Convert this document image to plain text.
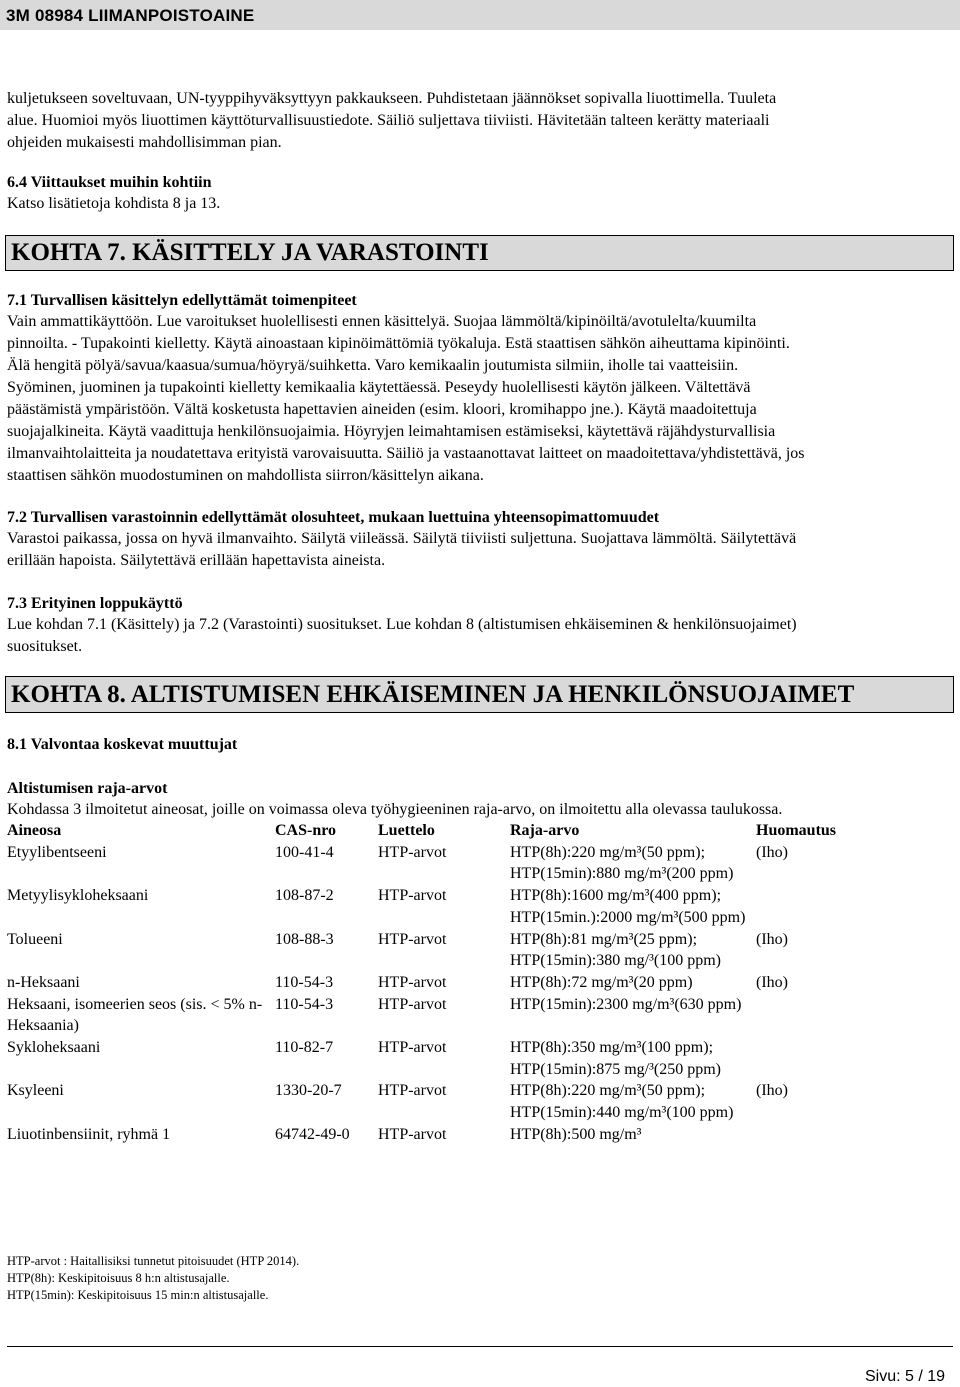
3M 08984 LIIMANPOISTOAINE

kuljetukseen soveltuvaan, UN-tyyppihyväksyttyyn pakkaukseen. Puhdistetaan jäännökset sopivalla liuottimella. Tuuleta

alue. Huomioi myös liuottimen käyttöturvallisuustiedote. Säiliö suljettava tiiviisti. Hävitetään talteen kerätty materiaali

ohjeiden mukaisesti mahdollisimman pian.

6.4 Viittaukset muihin kohtiin

Katso lisätietoja kohdista 8 ja 13.

KOHTA 7. KÄSITTELY JA VARASTOINTI

7.1 Turvallisen käsittelyn edellyttämät toimenpiteet

Vain ammattikäyttöön. Lue varoitukset huolellisesti ennen käsittelyä. Suojaa lämmöltä/kipinöiltä/avotulelta/kuumilta

pinnoilta. - Tupakointi kielletty. Käytä ainoastaan kipinöimättömiä työkaluja. Estä staattisen sähkön aiheuttama kipinöinti.

Älä hengitä pölyä/savua/kaasua/sumua/höyryä/suihketta. Varo kemikaalin joutumista silmiin, iholle tai vaatteisiin.

Syöminen, juominen ja tupakointi kielletty kemikaalia käytettäessä. Peseydy huolellisesti käytön jälkeen. Vältettävä

päästämistä ympäristöön. Vältä kosketusta hapettavien aineiden (esim. kloori, kromihappo jne.). Käytä maadoitettuja

suojajalkineita. Käytä vaadittuja henkilönsuojaimia. Höyryjen leimahtamisen estämiseksi, käytettävä räjähdysturvallisia

ilmanvaihtolaitteita ja noudatettava erityistä varovaisuutta. Säiliö ja vastaanottavat laitteet on maadoitettava/yhdistettävä, jos

staattisen sähkön muodostuminen on mahdollista siirron/käsittelyn aikana.

7.2 Turvallisen varastoinnin edellyttämät olosuhteet, mukaan luettuina yhteensopimattomuudet

Varastoi paikassa, jossa on hyvä ilmanvaihto. Säilytä viileässä. Säilytä tiiviisti suljettuna. Suojattava lämmöltä. Säilytettävä

erillään hapoista. Säilytettävä erillään hapettavista aineista.

7.3 Erityinen loppukäyttö

Lue kohdan 7.1 (Käsittely) ja 7.2 (Varastointi) suositukset. Lue kohdan 8 (altistumisen ehkäiseminen & henkilönsuojaimet)

suositukset.

KOHTA 8. ALTISTUMISEN EHKÄISEMINEN JA HENKILÖNSUOJAIMET

8.1 Valvontaa koskevat muuttujat

Altistumisen raja-arvot

Kohdassa 3 ilmoitetut aineosat, joille on voimassa oleva työhygieeninen raja-arvo, on ilmoitettu alla olevassa taulukossa.

Aineosa	CAS-nro	Luettelo	Raja-arvo	Huomautus
Etyylibentseeni	100-41-4	HTP-arvot	HTP(8h):220 mg/m³(50 ppm); HTP(15min):880 mg/m³(200 ppm)	(Iho)
Metyylisykloheksaani	108-87-2	HTP-arvot	HTP(8h):1600 mg/m³(400 ppm); HTP(15min.):2000 mg/m³(500 ppm)	
Tolueeni	108-88-3	HTP-arvot	HTP(8h):81 mg/m³(25 ppm); HTP(15min):380 mg/³(100 ppm)	(Iho)
n-Heksaani	110-54-3	HTP-arvot	HTP(8h):72 mg/m³(20 ppm)	(Iho)
Heksaani, isomeerien seos (sis. < 5% n-Heksaania)	110-54-3	HTP-arvot	HTP(15min):2300 mg/m³(630 ppm)	
Sykloheksaani	110-82-7	HTP-arvot	HTP(8h):350 mg/m³(100 ppm); HTP(15min):875 mg/³(250 ppm)	
Ksyleeni	1330-20-7	HTP-arvot	HTP(8h):220 mg/m³(50 ppm); HTP(15min):440 mg/m³(100 ppm)	(Iho)
Liuotinbensiinit, ryhmä 1	64742-49-0	HTP-arvot	HTP(8h):500 mg/m³	
HTP-arvot : Haitallisiksi tunnetut pitoisuudet (HTP 2014).
HTP(8h): Keskipitoisuus 8 h:n altistusajalle.
HTP(15min): Keskipitoisuus 15 min:n altistusajalle.
Sivu: 5 / 19
